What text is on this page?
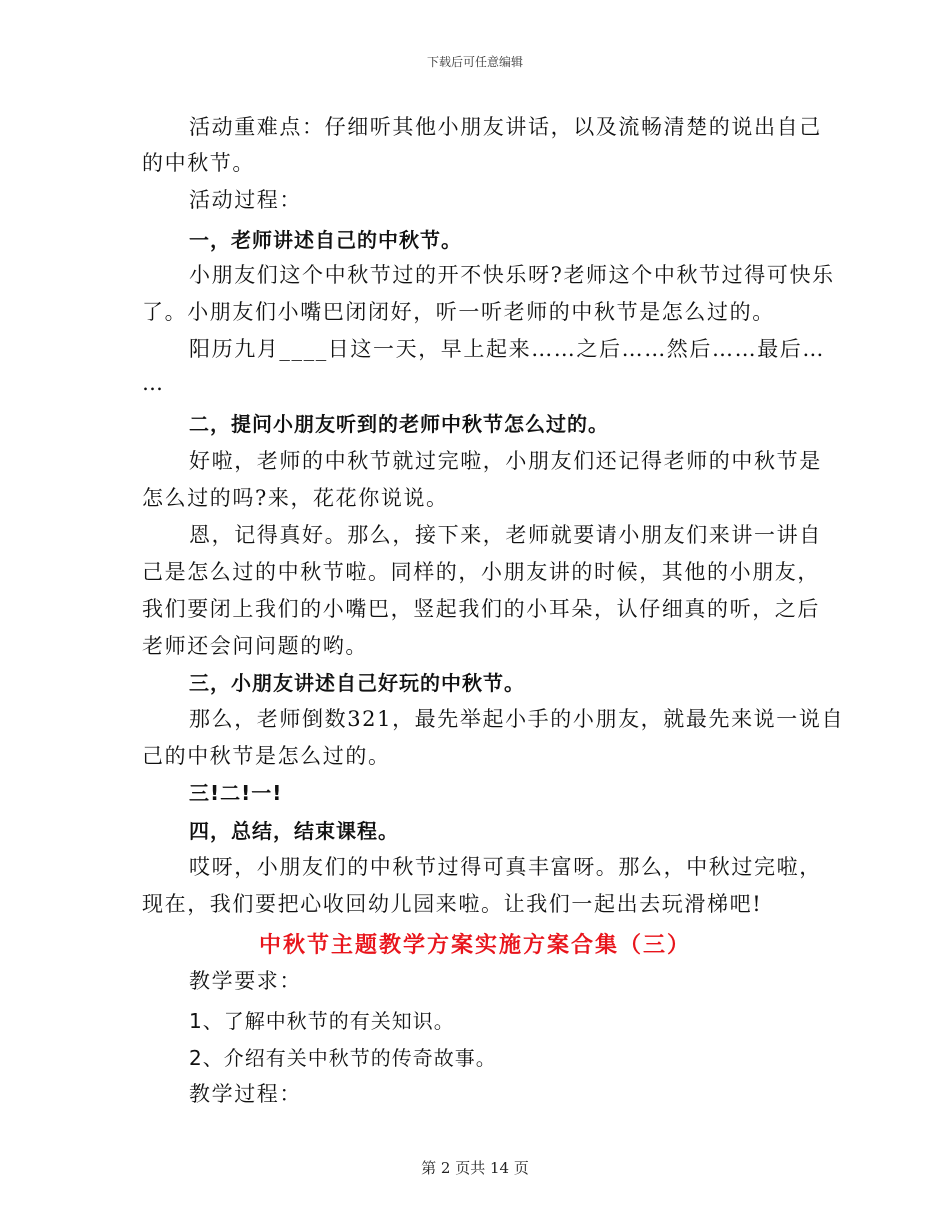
下载后可任意编辑
活动重难点：仔细听其他小朋友讲话，以及流畅清楚的说出自己
的中秋节。
活动过程：
一，老师讲述自己的中秋节。
小朋友们这个中秋节过的开不快乐呀?老师这个中秋节过得可快乐
了。小朋友们小嘴巴闭闭好，听一听老师的中秋节是怎么过的。
阳历九月____日这一天，早上起来……之后……然后……最后…
…
二，提问小朋友听到的老师中秋节怎么过的。
好啦，老师的中秋节就过完啦，小朋友们还记得老师的中秋节是
怎么过的吗?来，花花你说说。
恩，记得真好。那么，接下来，老师就要请小朋友们来讲一讲自
己是怎么过的中秋节啦。同样的，小朋友讲的时候，其他的小朋友，
我们要闭上我们的小嘴巴，竖起我们的小耳朵，认仔细真的听，之后
老师还会问问题的哟。
三，小朋友讲述自己好玩的中秋节。
那么，老师倒数321，最先举起小手的小朋友，就最先来说一说自
己的中秋节是怎么过的。
三!二!一!
四，总结，结束课程。
哎呀，小朋友们的中秋节过得可真丰富呀。那么，中秋过完啦，
现在，我们要把心收回幼儿园来啦。让我们一起出去玩滑梯吧!
中秋节主题教学方案实施方案合集（三）
教学要求：
1、了解中秋节的有关知识。
2、介绍有关中秋节的传奇故事。
教学过程：
第 2 页共 14 页
